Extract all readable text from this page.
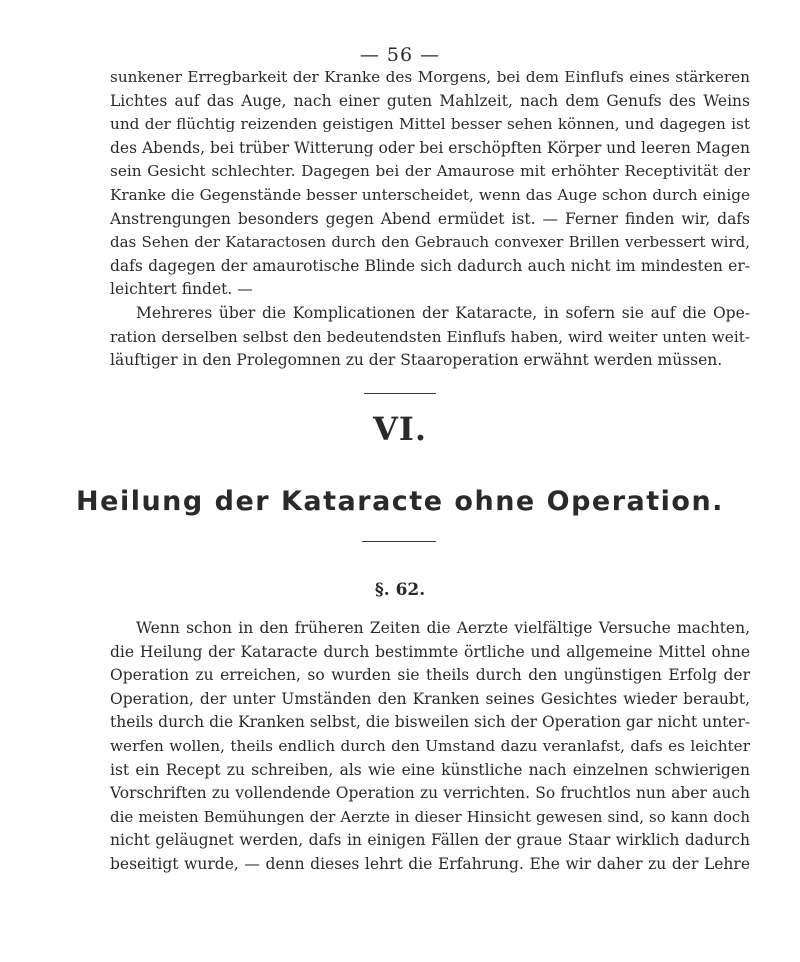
— 56 —

sunkener Erregbarkeit der Kranke des Morgens, bei dem Einflufs eines stärkeren
Lichtes auf das Auge, nach einer guten Mahlzeit, nach dem Genufs des Weins
und der flüchtig reizenden geistigen Mittel besser sehen können, und dagegen ist
des Abends, bei trüber Witterung oder bei erschöpften Körper und leeren Magen
sein Gesicht schlechter. Dagegen bei der Amaurose mit erhöhter Receptivität der
Kranke die Gegenstände besser unterscheidet, wenn das Auge schon durch einige
Anstrengungen besonders gegen Abend ermüdet ist. — Ferner finden wir, dafs
das Sehen der Kataractosen durch den Gebrauch convexer Brillen verbessert wird,
dafs dagegen der amaurotische Blinde sich dadurch auch nicht im mindesten er-
leichtert findet. —

Mehreres über die Komplicationen der Kataracte, in sofern sie auf die Ope-
ration derselben selbst den bedeutendsten Einflufs haben, wird weiter unten weit-
läuftiger in den Prolegomnen zu der Staaroperation erwähnt werden müssen.

VI.
Heilung der Kataracte ohne Operation.
§. 62.

Wenn schon in den früheren Zeiten die Aerzte vielfältige Versuche machten,
die Heilung der Kataracte durch bestimmte örtliche und allgemeine Mittel ohne
Operation zu erreichen, so wurden sie theils durch den ungünstigen Erfolg der
Operation, der unter Umständen den Kranken seines Gesichtes wieder beraubt,
theils durch die Kranken selbst, die bisweilen sich der Operation gar nicht unter-
werfen wollen, theils endlich durch den Umstand dazu veranlafst, dafs es leichter
ist ein Recept zu schreiben, als wie eine künstliche nach einzelnen schwierigen
Vorschriften zu vollendende Operation zu verrichten. So fruchtlos nun aber auch
die meisten Bemühungen der Aerzte in dieser Hinsicht gewesen sind, so kann doch
nicht geläugnet werden, dafs in einigen Fällen der graue Staar wirklich dadurch
beseitigt wurde, — denn dieses lehrt die Erfahrung. Ehe wir daher zu der Lehre
